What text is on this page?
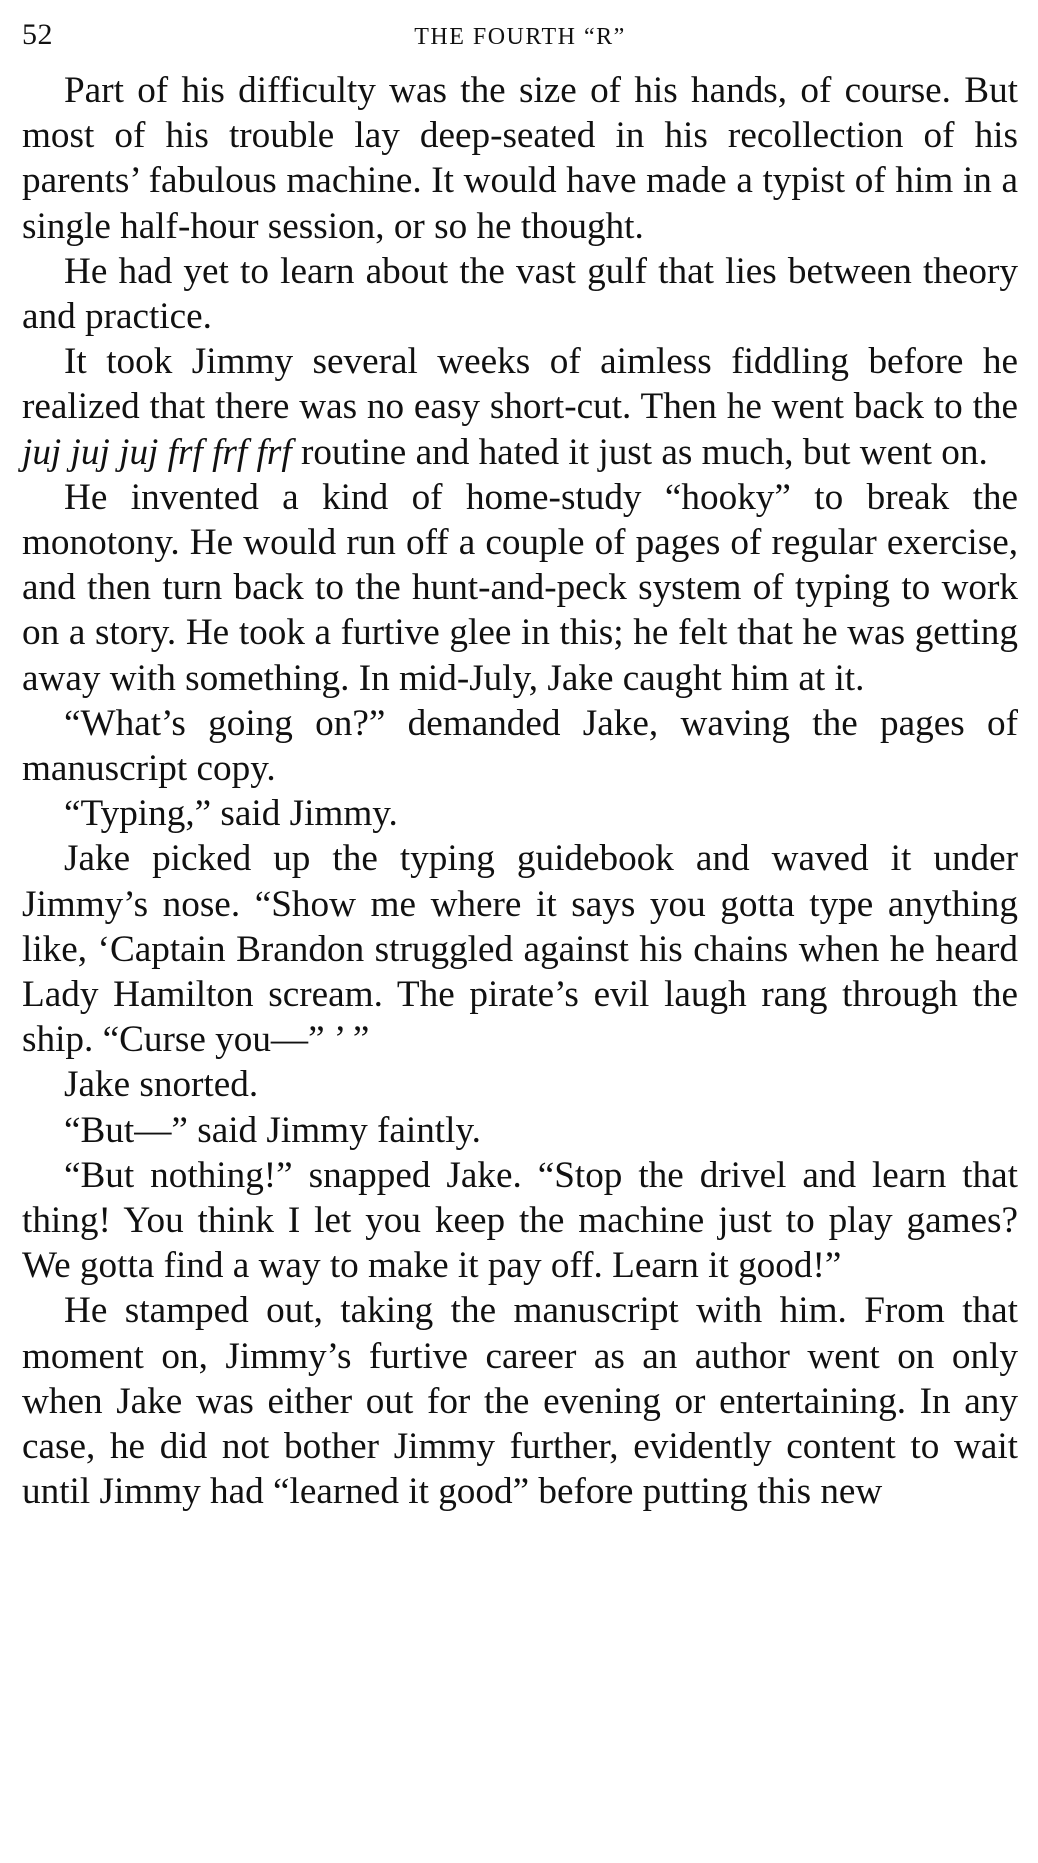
52	THE FOURTH “R”

Part of his difficulty was the size of his hands, of course. But most of his trouble lay deep-seated in his recollection of his parents’ fabulous machine. It would have made a typist of him in a single half-hour session, or so he thought.

He had yet to learn about the vast gulf that lies between theory and practice.

It took Jimmy several weeks of aimless fiddling before he realized that there was no easy short-cut. Then he went back to the juj juj juj frf frf frf routine and hated it just as much, but went on.

He invented a kind of home-study “hooky” to break the monotony. He would run off a couple of pages of regular exercise, and then turn back to the hunt-and-peck system of typing to work on a story. He took a furtive glee in this; he felt that he was getting away with something. In mid-July, Jake caught him at it.

“What’s going on?” demanded Jake, waving the pages of manuscript copy.

“Typing,” said Jimmy.

Jake picked up the typing guidebook and waved it under Jimmy’s nose. “Show me where it says you gotta type anything like, ‘Captain Brandon struggled against his chains when he heard Lady Hamilton scream. The pirate’s evil laugh rang through the ship. “Curse you—” ’ ”

Jake snorted.

“But—” said Jimmy faintly.

“But nothing!” snapped Jake. “Stop the drivel and learn that thing! You think I let you keep the machine just to play games? We gotta find a way to make it pay off. Learn it good!”

He stamped out, taking the manuscript with him. From that moment on, Jimmy’s furtive career as an author went on only when Jake was either out for the evening or entertaining. In any case, he did not bother Jimmy further, evidently content to wait until Jimmy had “learned it good” before putting this new
